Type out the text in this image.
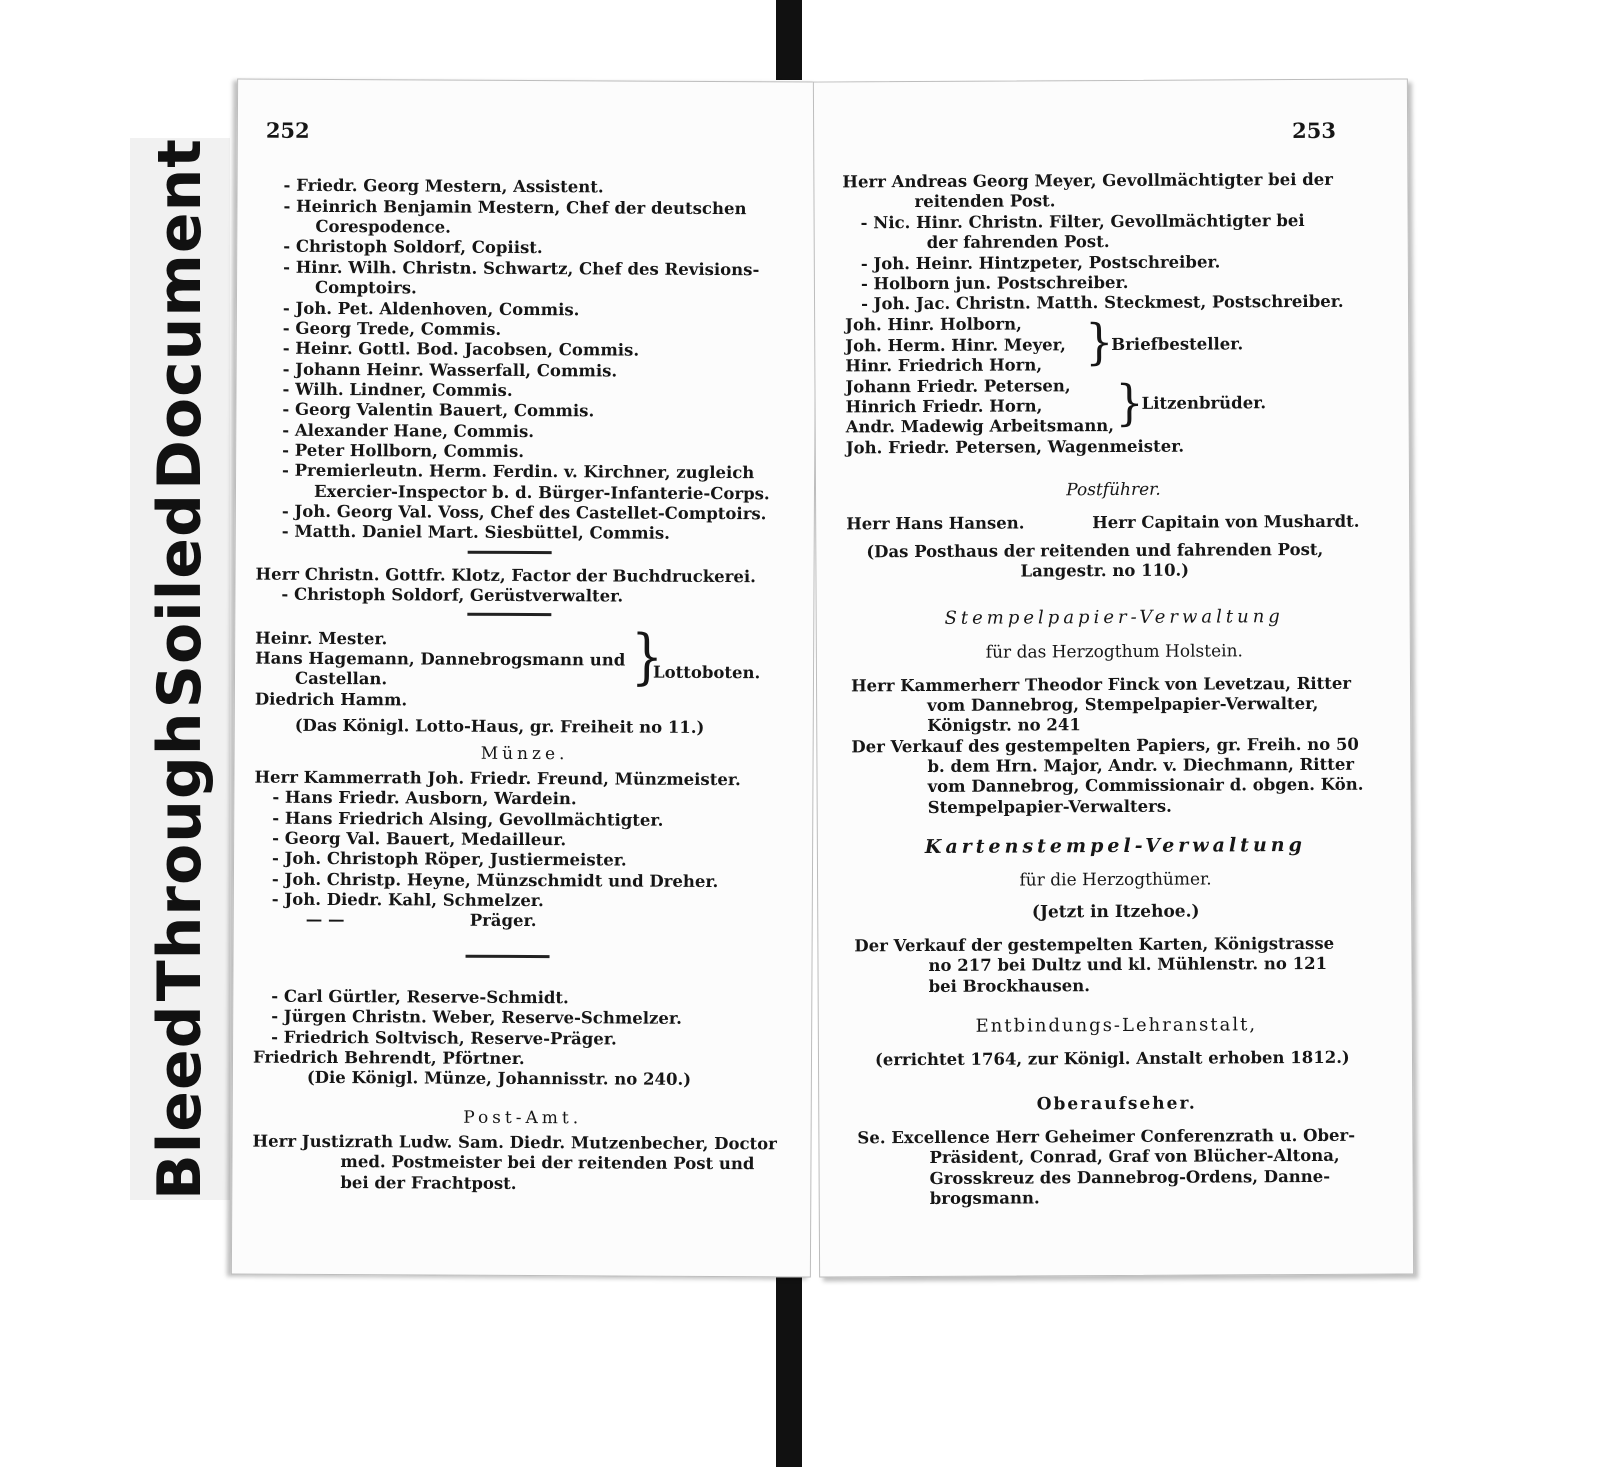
Bleed
Through
Soiled
Document
252
- Friedr. Georg Mestern, Assistent.
- Heinrich Benjamin Mestern, Chef der deutschen
Corespodence.
- Christoph Soldorf, Copiist.
- Hinr. Wilh. Christn. Schwartz, Chef des Revisions-
Comptoirs.
- Joh. Pet. Aldenhoven, Commis.
- Georg Trede, Commis.
- Heinr. Gottl. Bod. Jacobsen, Commis.
- Johann Heinr. Wasserfall, Commis.
- Wilh. Lindner, Commis.
- Georg Valentin Bauert, Commis.
- Alexander Hane, Commis.
- Peter Hollborn, Commis.
- Premierleutn. Herm. Ferdin. v. Kirchner, zugleich
Exercier-Inspector b. d. Bürger-Infanterie-Corps.
- Joh. Georg Val. Voss, Chef des Castellet-Comptoirs.
- Matth. Daniel Mart. Siesbüttel, Commis.
Herr Christn. Gottfr. Klotz, Factor der Buchdruckerei.
- Christoph Soldorf, Gerüstverwalter.
Heinr. Mester.
Hans Hagemann, Dannebrogsmann und
Castellan.
Diedrich Hamm.
}
Lottoboten.
(Das Königl. Lotto-Haus, gr. Freiheit no 11.)
Münze.
Herr Kammerrath Joh. Friedr. Freund, Münzmeister.
- Hans Friedr. Ausborn, Wardein.
- Hans Friedrich Alsing, Gevollmächtigter.
- Georg Val. Bauert, Medailleur.
- Joh. Christoph Röper, Justiermeister.
- Joh. Christp. Heyne, Münzschmidt und Dreher.
- Joh. Diedr. Kahl, Schmelzer.
— —	Präger.
- Carl Gürtler, Reserve-Schmidt.
- Jürgen Christn. Weber, Reserve-Schmelzer.
- Friedrich Soltvisch, Reserve-Präger.
Friedrich Behrendt, Pförtner.
(Die Königl. Münze, Johannisstr. no 240.)
Post-Amt.
Herr Justizrath Ludw. Sam. Diedr. Mutzenbecher, Doctor
med. Postmeister bei der reitenden Post und
bei der Frachtpost.
253
Herr Andreas Georg Meyer, Gevollmächtigter bei der
reitenden Post.
- Nic. Hinr. Christn. Filter, Gevollmächtigter bei
der fahrenden Post.
- Joh. Heinr. Hintzpeter, Postschreiber.
- Holborn jun. Postschreiber.
- Joh. Jac. Christn. Matth. Steckmest, Postschreiber.
Joh. Hinr. Holborn,
Joh. Herm. Hinr. Meyer,
Hinr. Friedrich Horn, }
Briefbesteller.
Johann Friedr. Petersen,
Hinrich Friedr. Horn,
Andr. Madewig Arbeitsmann, }
Litzenbrüder.
Joh. Friedr. Petersen, Wagenmeister.
Postführer.
Herr Hans Hansen.	Herr Capitain von Mushardt.
(Das Posthaus der reitenden und fahrenden Post,
Langestr. no 110.)
Stempelpapier-Verwaltung
für das Herzogthum Holstein.
Herr Kammerherr Theodor Finck von Levetzau, Ritter
vom Dannebrog, Stempelpapier-Verwalter,
Königstr. no 241
Der Verkauf des gestempelten Papiers, gr. Freih. no 50
b. dem Hrn. Major, Andr. v. Diechmann, Ritter
vom Dannebrog, Commissionair d. obgen. Kön.
Stempelpapier-Verwalters.
Kartenstempel-Verwaltung
für die Herzogthümer.
(Jetzt in Itzehoe.)
Der Verkauf der gestempelten Karten, Königstrasse
no 217 bei Dultz und kl. Mühlenstr. no 121
bei Brockhausen.
Entbindungs-Lehranstalt,
(errichtet 1764, zur Königl. Anstalt erhoben 1812.)
Oberaufseher.
Se. Excellence Herr Geheimer Conferenzrath u. Ober-
Präsident, Conrad, Graf von Blücher-Altona,
Grosskreuz des Dannebrog-Ordens, Danne-
brogsmann.
